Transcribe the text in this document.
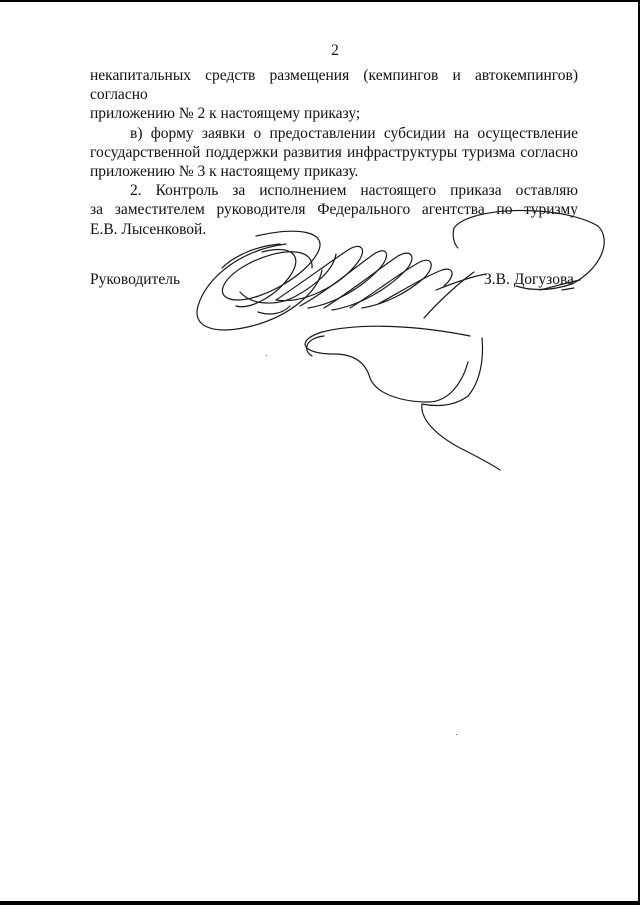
2

некапитальных средств размещения (кемпингов и автокемпингов) согласно
приложению № 2 к настоящему приказу;

в) форму заявки о предоставлении субсидии на осуществление
государственной поддержки развития инфраструктуры туризма согласно
приложению № 3 к настоящему приказу.

2. Контроль за исполнением настоящего приказа оставляю
за заместителем руководителя Федерального агентства по туризму
Е.В. Лысенковой.

Руководитель	З.В. Догузова
